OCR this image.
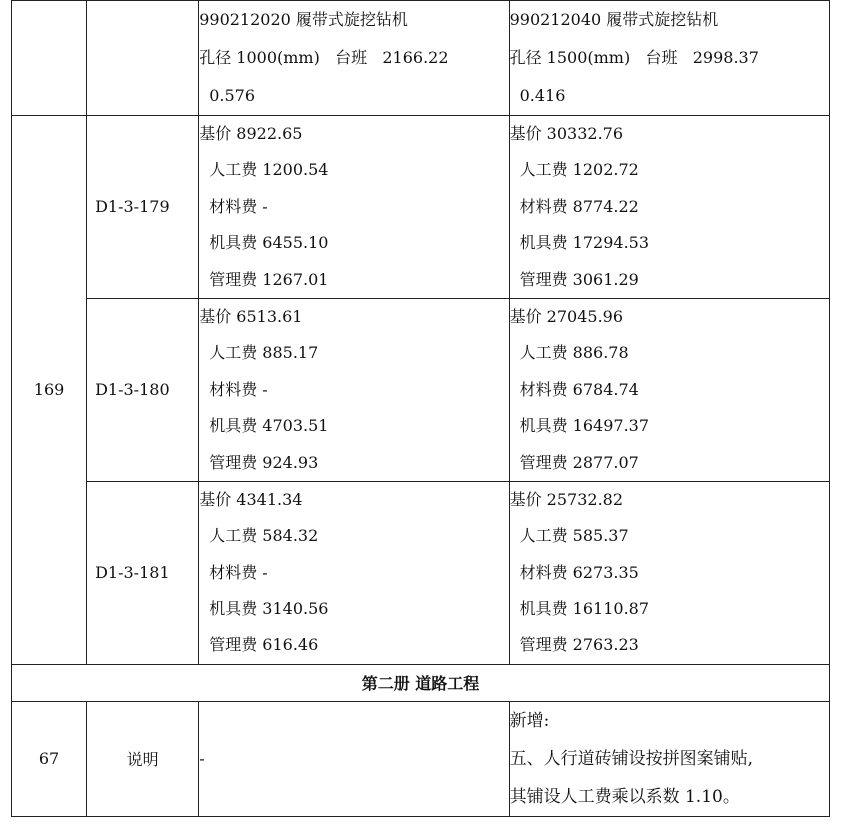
		990212020 履带式旋挖钻机
孔径 1000(mm)   台班   2166.22
0.576	990212040 履带式旋挖钻机
孔径 1500(mm)   台班   2998.37
0.416

169	D1-3-179	基价 8922.65
人工费 1200.54
材料费 -
机具费 6455.10
管理费 1267.01	基价 30332.76
人工费 1202.72
材料费 8774.22
机具费 17294.53
管理费 3061.29

	D1-3-180	基价 6513.61
人工费 885.17
材料费 -
机具费 4703.51
管理费 924.93	基价 27045.96
人工费 886.78
材料费 6784.74
机具费 16497.37
管理费 2877.07

	D1-3-181	基价 4341.34
人工费 584.32
材料费 -
机具费 3140.56
管理费 616.46	基价 25732.82
人工费 585.37
材料费 6273.35
机具费 16110.87
管理费 2763.23

第二册 道路工程			
67	说明	-	新增:
五、人行道砖铺设按拼图案铺贴,
其铺设人工费乘以系数 1.10。
